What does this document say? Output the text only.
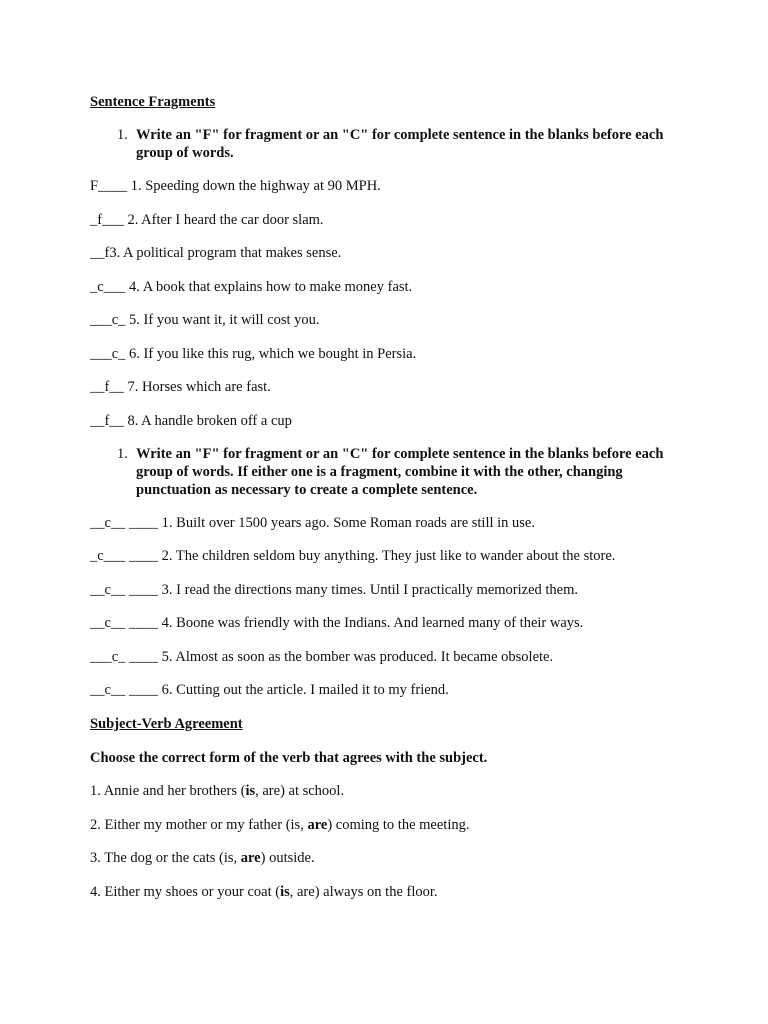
Sentence Fragments

1. Write an "F" for fragment or an "C" for complete sentence in the blanks before each group of words.

F____ 1. Speeding down the highway at 90 MPH.

_f___ 2. After I heard the car door slam.

__f3. A political program that makes sense.

_c___ 4. A book that explains how to make money fast.

___c_ 5. If you want it, it will cost you.

___c_ 6. If you like this rug, which we bought in Persia.

__f__ 7. Horses which are fast.

__f__ 8. A handle broken off a cup

1. Write an "F" for fragment or an "C" for complete sentence in the blanks before each group of words. If either one is a fragment, combine it with the other, changing punctuation as necessary to create a complete sentence.

__c__ ____ 1. Built over 1500 years ago. Some Roman roads are still in use.

_c___ ____ 2. The children seldom buy anything. They just like to wander about the store.

__c__ ____ 3. I read the directions many times. Until I practically memorized them.

__c__ ____ 4. Boone was friendly with the Indians. And learned many of their ways.

___c_ ____ 5. Almost as soon as the bomber was produced. It became obsolete.

__c__ ____ 6. Cutting out the article. I mailed it to my friend.

Subject-Verb Agreement

Choose the correct form of the verb that agrees with the subject.

1. Annie and her brothers (is, are) at school.

2. Either my mother or my father (is, are) coming to the meeting.

3. The dog or the cats (is, are) outside.

4. Either my shoes or your coat (is, are) always on the floor.
